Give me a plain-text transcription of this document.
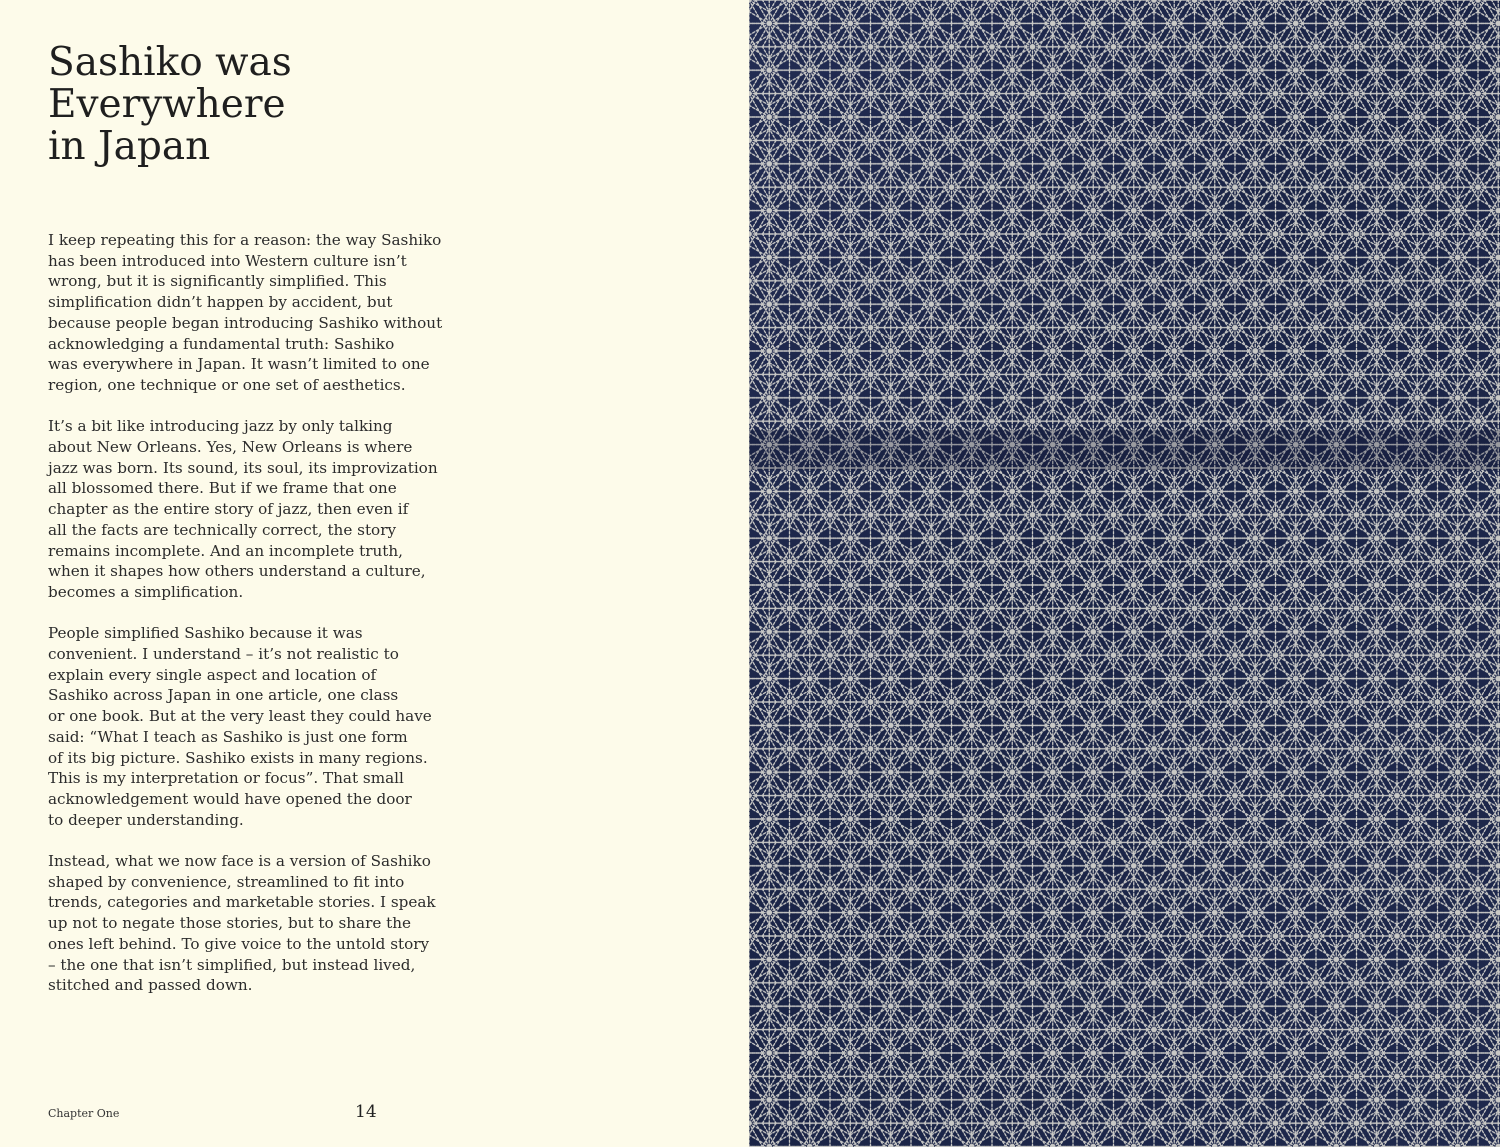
Sashiko was
Everywhere
in Japan

I keep repeating this for a reason: the way Sashiko
has been introduced into Western culture isn’t
wrong, but it is significantly simplified. This
simplification didn’t happen by accident, but
because people began introducing Sashiko without
acknowledging a fundamental truth: Sashiko
was everywhere in Japan. It wasn’t limited to one
region, one technique or one set of aesthetics.

It’s a bit like introducing jazz by only talking
about New Orleans. Yes, New Orleans is where
jazz was born. Its sound, its soul, its improvization
all blossomed there. But if we frame that one
chapter as the entire story of jazz, then even if
all the facts are technically correct, the story
remains incomplete. And an incomplete truth,
when it shapes how others understand a culture,
becomes a simplification.

People simplified Sashiko because it was
convenient. I understand – it’s not realistic to
explain every single aspect and location of
Sashiko across Japan in one article, one class
or one book. But at the very least they could have
said: “What I teach as Sashiko is just one form
of its big picture. Sashiko exists in many regions.
This is my interpretation or focus”. That small
acknowledgement would have opened the door
to deeper understanding.

Instead, what we now face is a version of Sashiko
shaped by convenience, streamlined to fit into
trends, categories and marketable stories. I speak
up not to negate those stories, but to share the
ones left behind. To give voice to the untold story
– the one that isn’t simplified, but instead lived,
stitched and passed down.

Chapter One	14
